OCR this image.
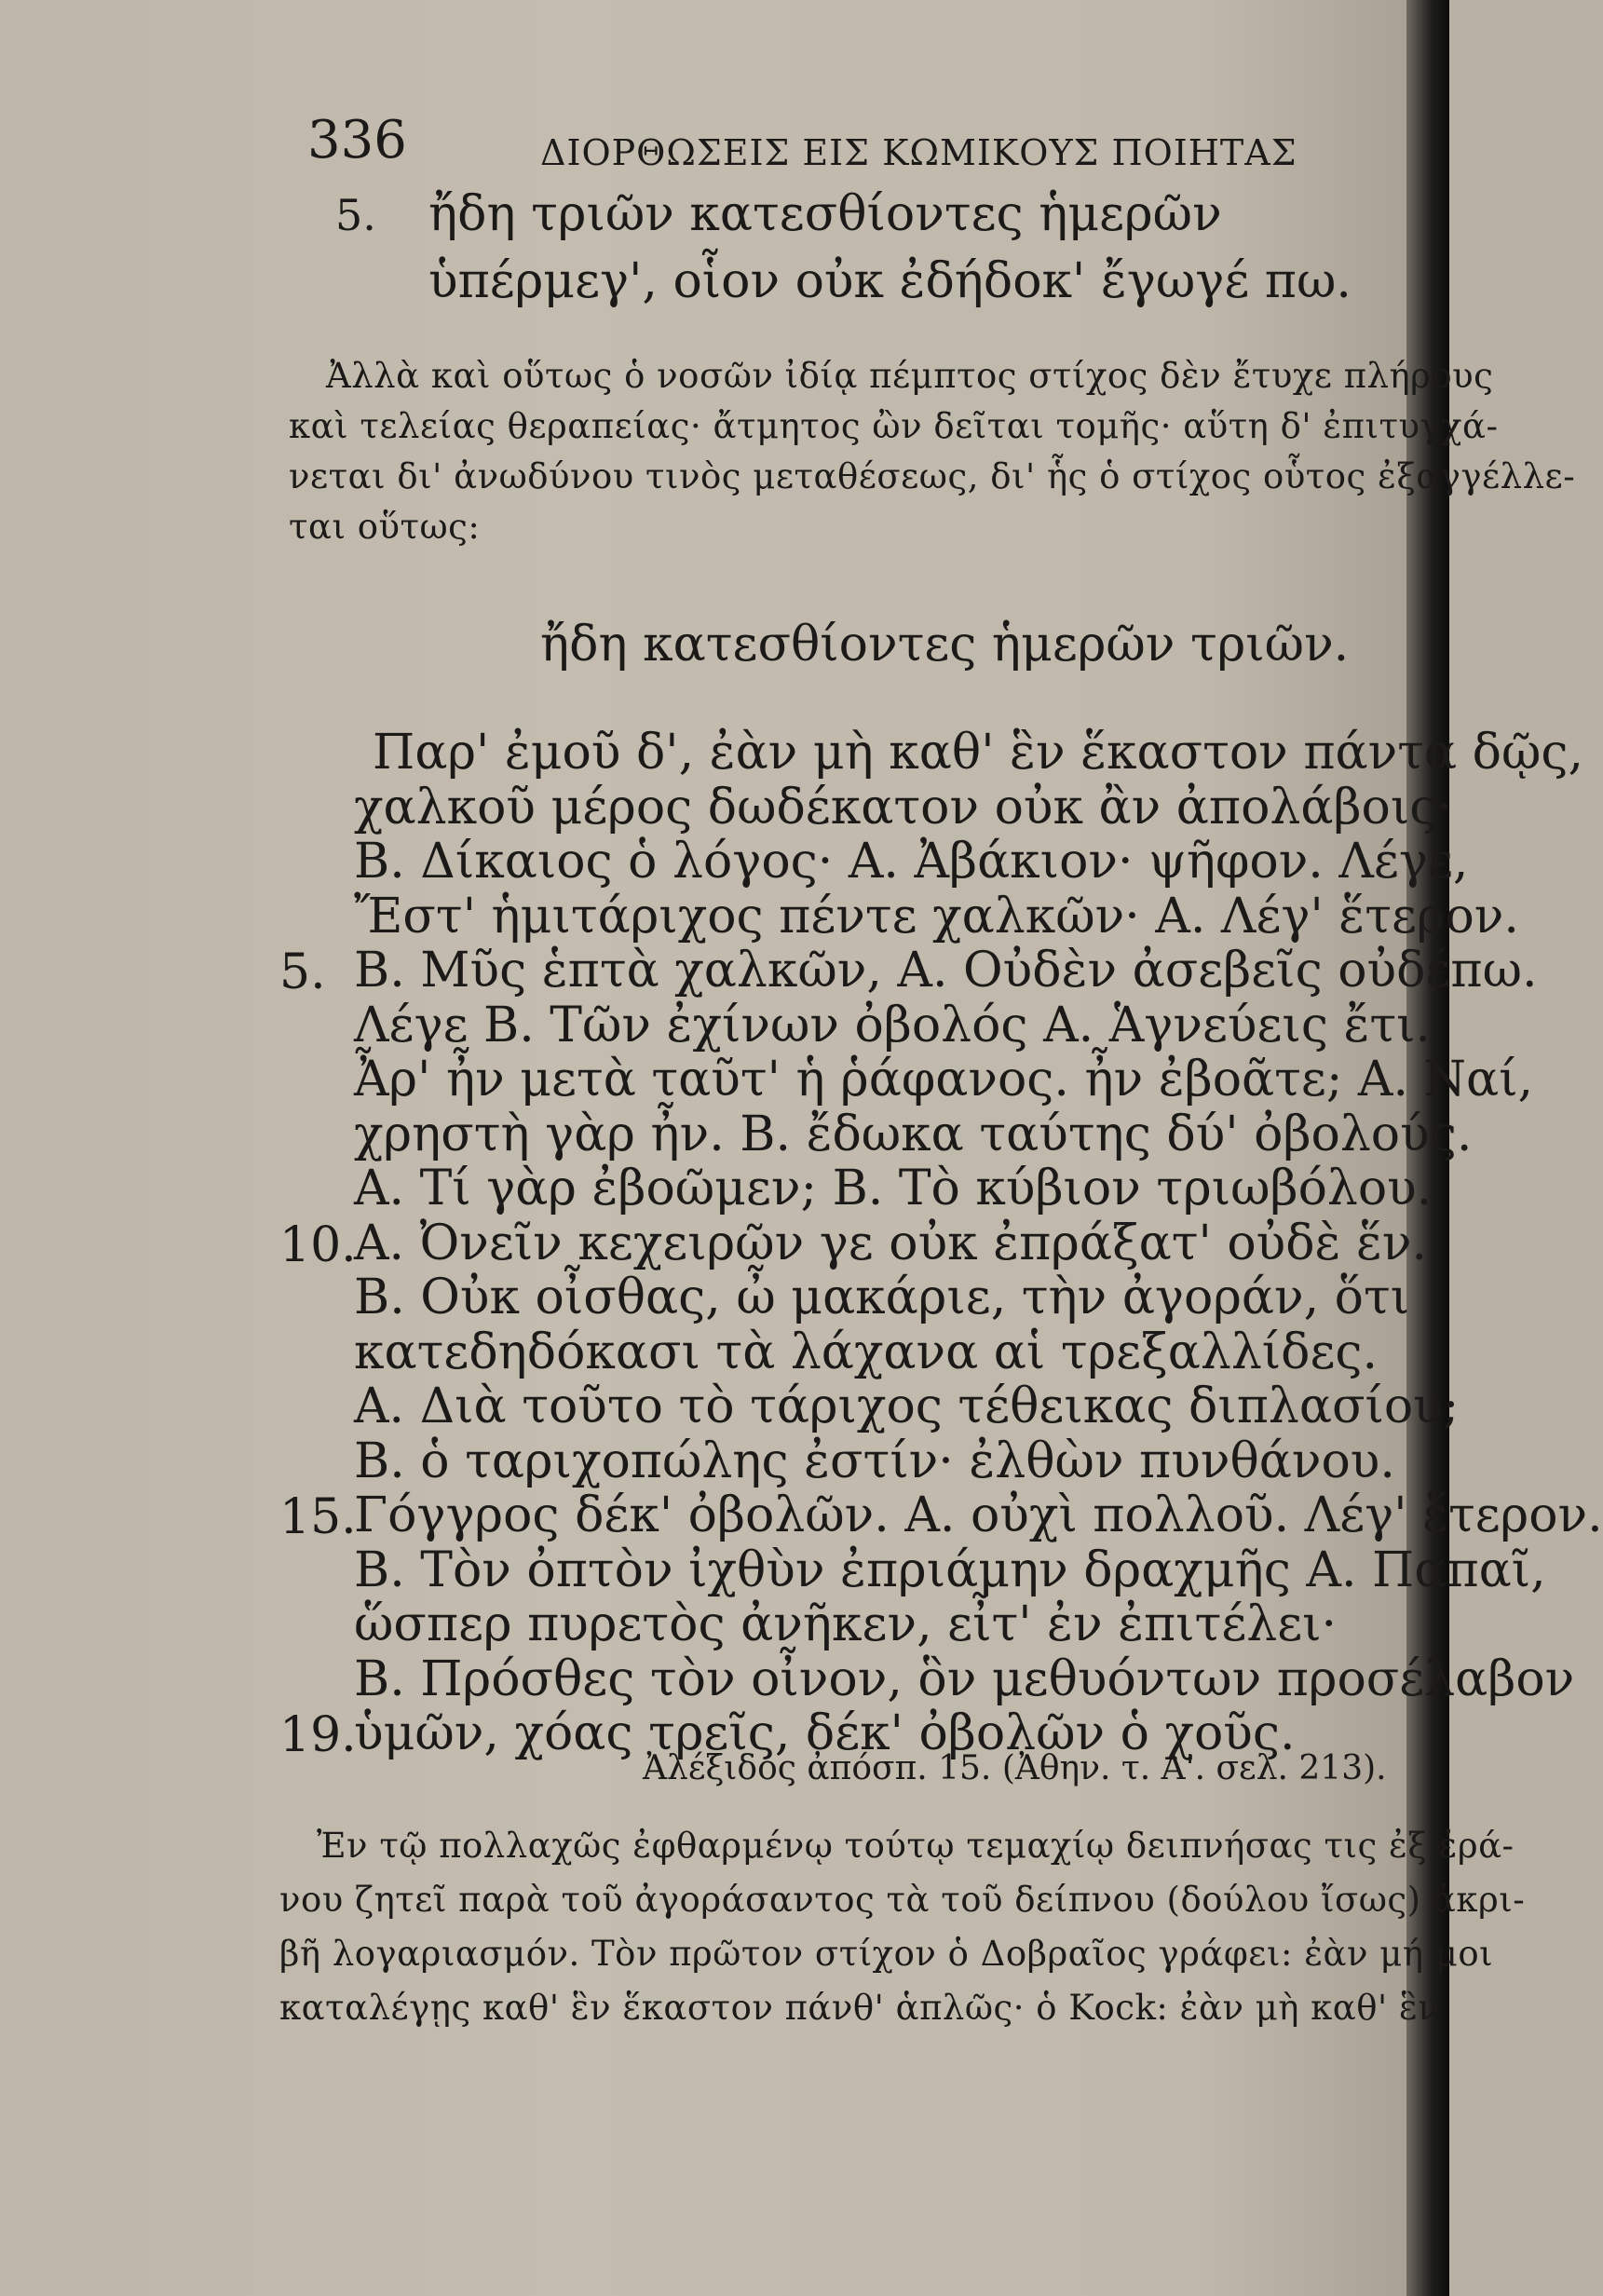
336	ΔΙΟΡΘΩΣΕΙΣ ΕΙΣ ΚΩΜΙΚΟΥΣ ΠΟΙΗΤΑΣ
5. ἤδη τριῶν κατεσθίοντες ἡμερῶν
ὑπέρμεγ', οἷον οὐκ ἐδήδοκ' ἔγωγέ πω.
Ἀλλὰ καὶ οὕτως ὁ νοσῶν ἰδίᾳ πέμπτος στίχος δὲν ἔτυχε πλήρους
καὶ τελείας θεραπείας· ἄτμητος ὢν δεῖται τομῆς· αὕτη δ' ἐπιτυγχά-
νεται δι' ἀνωδύνου τινὸς μεταθέσεως, δι' ἧς ὁ στίχος οὗτος ἐξαγγέλλε-
ται οὕτως:
ἤδη κατεσθίοντες ἡμερῶν τριῶν.
Παρ' ἐμοῦ δ', ἐὰν μὴ καθ' ἓν ἕκαστον πάντα δῷς,
χαλκοῦ μέρος δωδέκατον οὐκ ἂν ἀπολάβοις·
Β. Δίκαιος ὁ λόγος· Α. Ἀβάκιον· ψῆφον. Λέγε,
Ἔστ' ἡμιτάριχος πέντε χαλκῶν· Α. Λέγ' ἕτερον.
5. Β. Μῦς ἑπτὰ χαλκῶν, Α. Οὐδὲν ἀσεβεῖς οὐδέπω.
Λέγε Β. Τῶν ἐχίνων ὀβολός Α. Ἁγνεύεις ἔτι.
Ἆρ' ἦν μετὰ ταῦτ' ἡ ῥάφανος. ἦν ἐβοᾶτε; Α. Ναί,
χρηστὴ γὰρ ἦν. Β. ἔδωκα ταύτης δύ' ὀβολούς.
Α. Τί γὰρ ἐβοῶμεν; Β. Τὸ κύβιον τριωβόλου.
10.
Α. Ὀνεῖν κεχειρῶν γε οὐκ ἐπράξατ' οὐδὲ ἕν.
Β. Οὐκ οἶσθας, ὦ μακάριε, τὴν ἀγοράν, ὅτι
κατεδηδόκασι τὰ λάχανα αἱ τρεξαλλίδες.
Α. Διὰ τοῦτο τὸ τάριχος τέθεικας διπλασίου;
Β. ὁ ταριχοπώλης ἐστίν· ἐλθὼν πυνθάνου.
15.
Γόγγρος δέκ' ὀβολῶν. Α. οὐχὶ πολλοῦ. Λέγ' ἕτερον.
Β. Τὸν ὀπτὸν ἰχθὺν ἐπριάμην δραχμῆς Α. Παπαῖ,
ὥσπερ πυρετὸς ἀνῆκεν, εἶτ' ἐν ἐπιτέλει·
Β. Πρόσθες τὸν οἶνον, ὃν μεθυόντων προσέλαβον
19.
ὑμῶν, χόας τρεῖς, δέκ' ὀβολῶν ὁ χοῦς.
Ἀλέξιδος ἀπόσπ. 15. (Ἀθην. τ. Α'. σελ. 213).
Ἐν τῷ πολλαχῶς ἐφθαρμένῳ τούτῳ τεμαχίῳ δειπνήσας τις ἐξ ἐρά-
νου ζητεῖ παρὰ τοῦ ἀγοράσαντος τὰ τοῦ δείπνου (δούλου ἴσως) ἀκρι-
βῆ λογαριασμόν. Τὸν πρῶτον στίχον ὁ Δοβραῖος γράφει: ἐὰν μή μοι
καταλέγῃς καθ' ἓν ἕκαστον πάνθ' ἁπλῶς· ὁ Kock: ἐὰν μὴ καθ' ἓν
